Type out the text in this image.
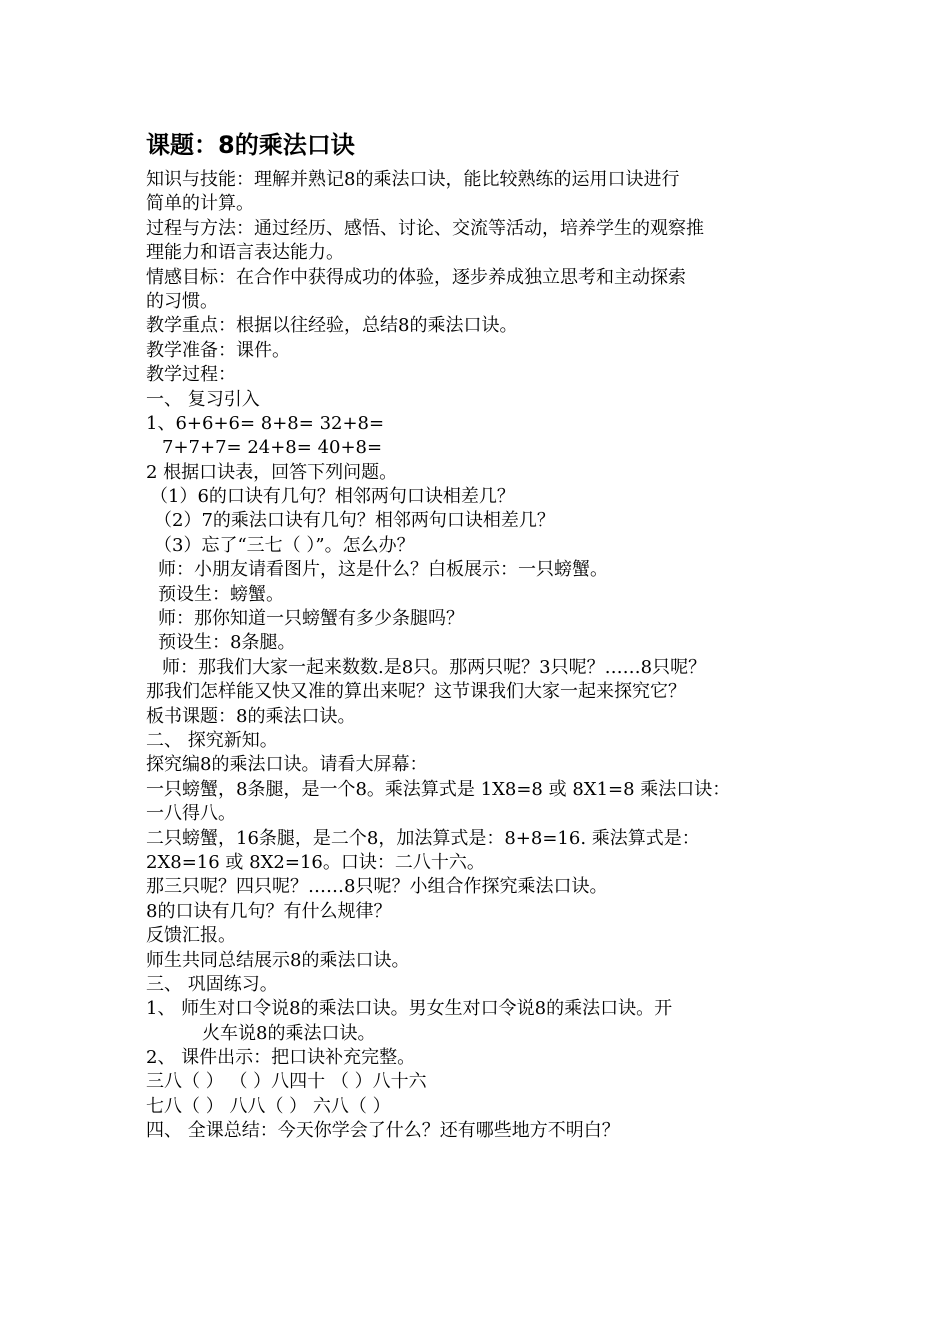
课题：8的乘法口诀
知识与技能：理解并熟记8的乘法口诀，能比较熟练的运用口诀进行
简单的计算。
过程与方法：通过经历、感悟、讨论、交流等活动，培养学生的观察推
理能力和语言表达能力。
情感目标：在合作中获得成功的体验，逐步养成独立思考和主动探索
的习惯。
教学重点：根据以往经验，总结8的乘法口诀。
教学准备：课件。
教学过程：
一、 复习引入
1、6+6+6= 8+8= 32+8=
7+7+7= 24+8= 40+8=
2 根据口诀表，回答下列问题。
（1）6的口诀有几句？相邻两句口诀相差几？
（2）7的乘法口诀有几句？相邻两句口诀相差几？
（3）忘了“三七（ ）”。怎么办？
师：小朋友请看图片，这是什么？白板展示：一只螃蟹。
预设生：螃蟹。
师：那你知道一只螃蟹有多少条腿吗？
预设生：8条腿。
师：那我们大家一起来数数.是8只。那两只呢？3只呢？……8只呢？
那我们怎样能又快又准的算出来呢？这节课我们大家一起来探究它？
板书课题：8的乘法口诀。
二、 探究新知。
探究编8的乘法口诀。请看大屏幕：
一只螃蟹，8条腿，是一个8。乘法算式是 1X8=8 或 8X1=8 乘法口诀：
一八得八。
二只螃蟹，16条腿，是二个8，加法算式是：8+8=16. 乘法算式是：
2X8=16 或 8X2=16。口诀：二八十六。
那三只呢？四只呢？……8只呢？小组合作探究乘法口诀。
8的口诀有几句？有什么规律？
反馈汇报。
师生共同总结展示8的乘法口诀。
三、 巩固练习。
1、 师生对口令说8的乘法口诀。男女生对口令说8的乘法口诀。开
火车说8的乘法口诀。
2、 课件出示：把口诀补充完整。
三八（ ） （ ）八四十 （ ）八十六
七八（ ） 八八（ ） 六八（ ）
四、 全课总结：今天你学会了什么？还有哪些地方不明白？
